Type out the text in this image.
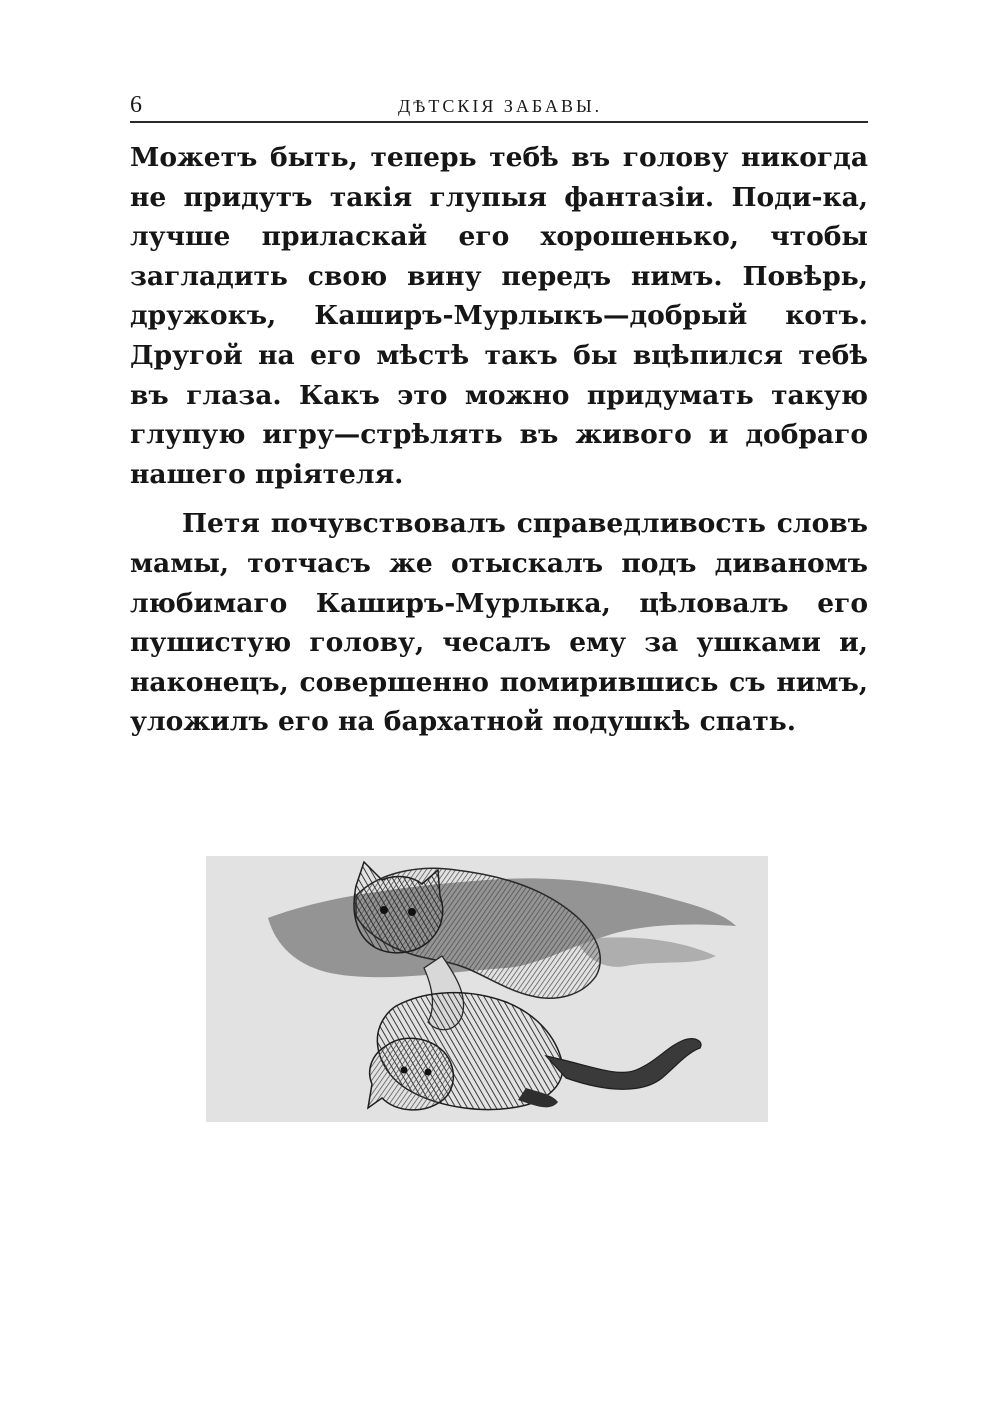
6	ДѢТСКІЯ ЗАБАВЫ.

Можетъ быть, теперь тебѣ въ голову никогда не придутъ такія глупыя фантазіи. Поди-ка, лучше приласкай его хорошенько, чтобы загладить свою вину передъ нимъ. Повѣрь, дружокъ, Каширъ-Мурлыкъ—добрый котъ. Другой на его мѣстѣ такъ бы вцѣпился тебѣ въ глаза. Какъ это можно придумать такую глупую игру—стрѣлять въ живого и добраго нашего пріятеля.

Петя почувствовалъ справедливость словъ мамы, тотчасъ же отыскалъ подъ диваномъ любимаго Каширъ-Мурлыка, цѣловалъ его пушистую голову, чесалъ ему за ушками и, наконецъ, совершенно помирившись съ нимъ, уложилъ его на бархатной подушкѣ спать.
